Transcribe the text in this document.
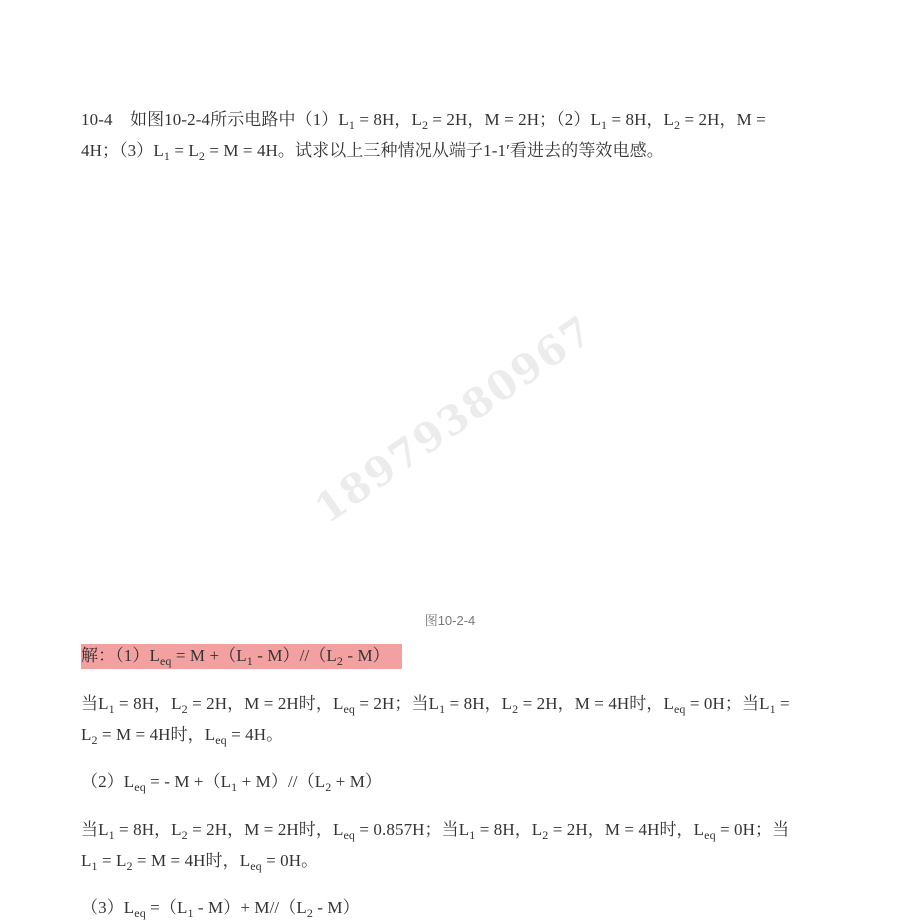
10-4 如图10-2-4所示电路中$(1)L_1 = 8H$，$L_2 = 2H$，M = 2H；$(2)L_1 = 8H$，$L_2 = 2H$，M = 4H；$(3)L_1 = L_2 = M = 4H$。试求以上三种情况从端子1-1′看进去的等效电感。
18979380967
图10-2-4
解：$(1)L_{eq} = M +(L_1 - M)//(L_2 - M)$
当$L_1 = 8H$，$L_2 = 2H$，M = 2H时，$L_{eq} = 2H$；当$L_1 = 8H$，$L_2 = 2H$，M = 4H时，$L_{eq} = 0H$；当$L_1 = L_2 = M = 4H$时，$L_{eq} = 4H$。
$(2)L_{eq}$ = - $M +(L_1 + M)//(L_2 + M)$
当$L_1 = 8H$，$L_2 = 2H$，M = 2H时，$L_{eq} = 0.857H$；当$L_1 = 8H$，$L_2 = 2H$，M = 4H时，$L_{eq} = 0H$；当$L_1 = L_2 = M = 4H$时，$L_{eq} = 0H$。
$(3)L_{eq} =(L_1 - M)+ M//(L_2 - M)$
